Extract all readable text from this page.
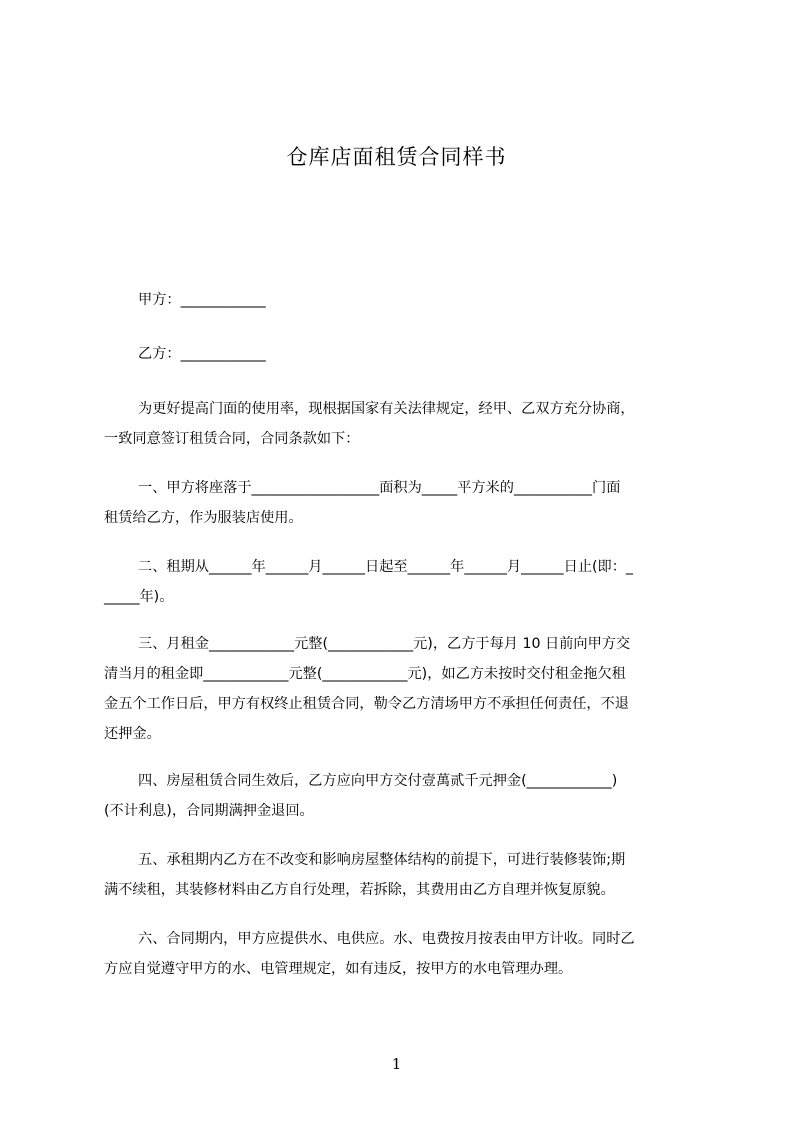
仓库店面租赁合同样书
甲方：____________
乙方：____________
为更好提高门面的使用率，现根据国家有关法律规定，经甲、乙双方充分协商，
一致同意签订租赁合同，合同条款如下：
一、甲方将座落于__________________面积为_____平方米的___________门面
租赁给乙方，作为服装店使用。
二、租期从______年______月______日起至______年______月______日止(即：_
_____年)。
三、月租金____________元整(____________元)，乙方于每月 10 日前向甲方交
清当月的租金即____________元整(____________元)，如乙方未按时交付租金拖欠租
金五个工作日后，甲方有权终止租赁合同，勒令乙方清场甲方不承担任何责任，不退
还押金。
四、房屋租赁合同生效后，乙方应向甲方交付壹萬贰千元押金(____________)
(不计利息)，合同期满押金退回。
五、承租期内乙方在不改变和影响房屋整体结构的前提下，可进行装修装饰;期
满不续租，其装修材料由乙方自行处理，若拆除，其费用由乙方自理并恢复原貌。
六、合同期内，甲方应提供水、电供应。水、电费按月按表由甲方计收。同时乙
方应自觉遵守甲方的水、电管理规定，如有违反，按甲方的水电管理办理。
1
